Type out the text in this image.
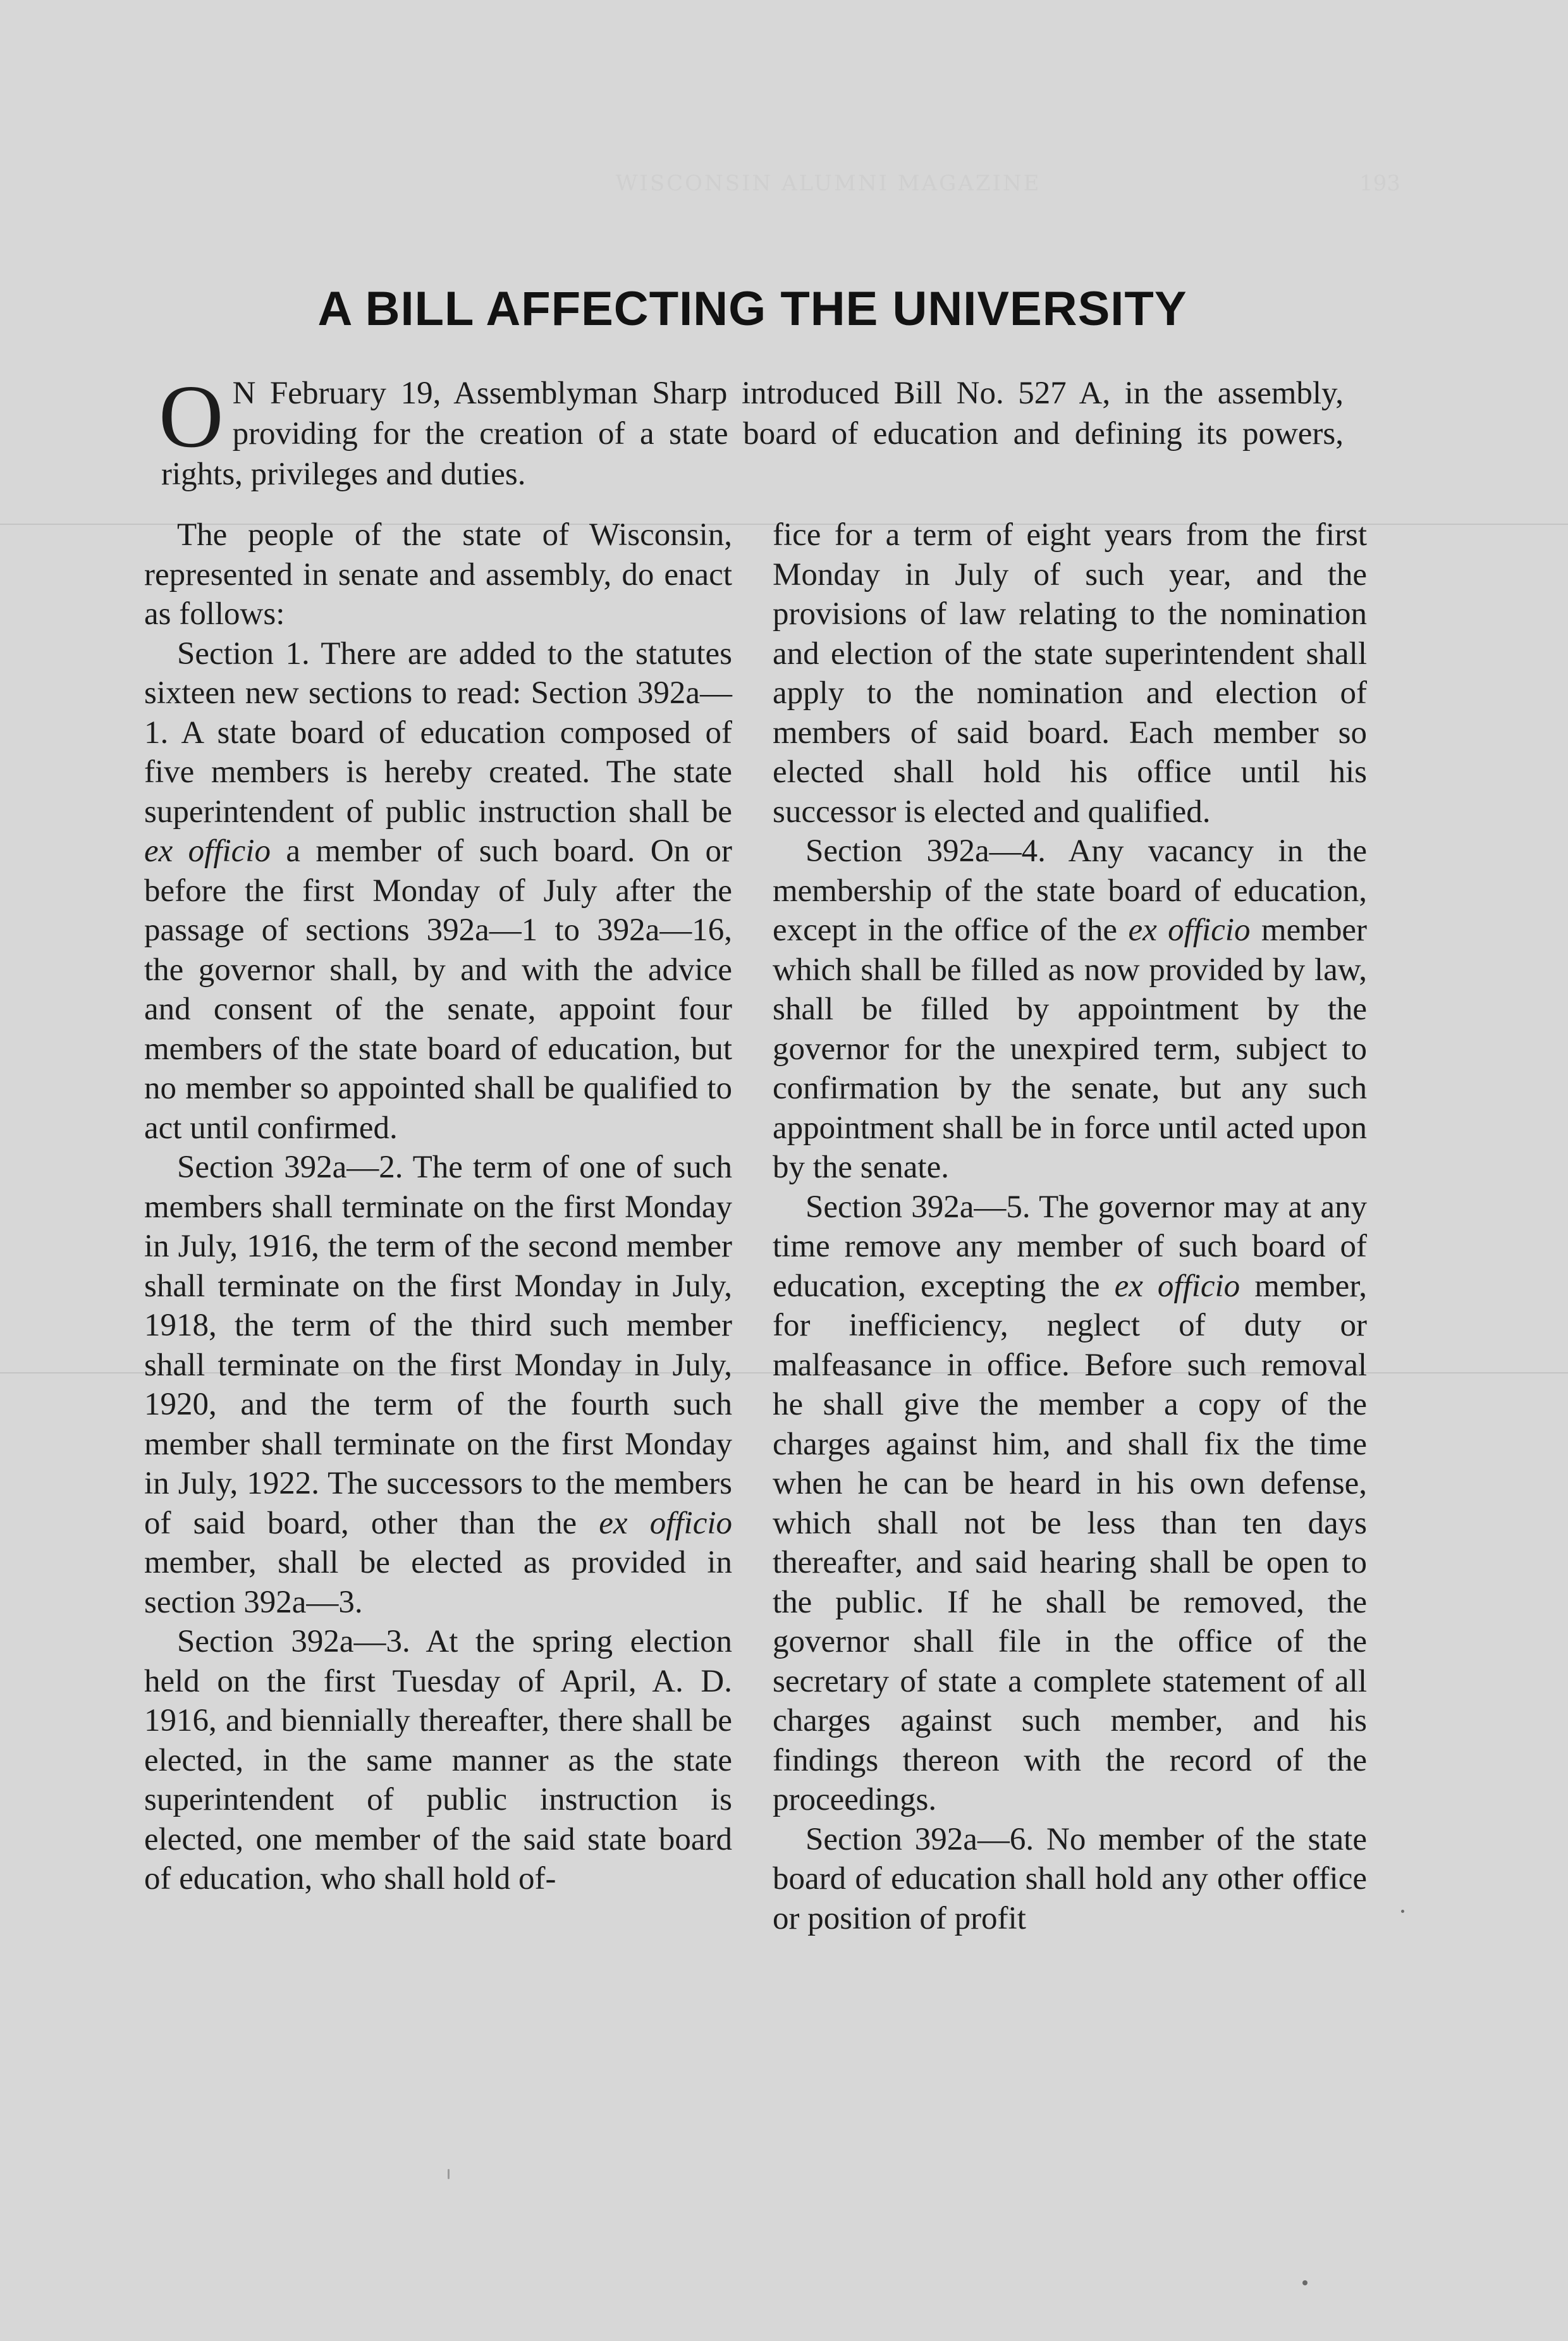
WISCONSIN ALUMNI MAGAZINE	193
A BILL AFFECTING THE UNIVERSITY

O N February 19, Assemblyman Sharp introduced Bill No. 527 A, in the assembly, providing for the creation of a state board of education and defining its powers, rights, privileges and duties.

The people of the state of Wisconsin, represented in senate and assembly, do enact as follows:

Section 1. There are added to the statutes sixteen new sections to read: Section 392a—1. A state board of education composed of five members is hereby created. The state superintendent of public instruction shall be ex officio a member of such board. On or before the first Monday of July after the passage of sections 392a—1 to 392a—16, the governor shall, by and with the advice and consent of the senate, appoint four members of the state board of education, but no member so appointed shall be qualified to act until confirmed.

Section 392a—2. The term of one of such members shall terminate on the first Monday in July, 1916, the term of the second member shall terminate on the first Monday in July, 1918, the term of the third such member shall terminate on the first Monday in July, 1920, and the term of the fourth such member shall terminate on the first Monday in July, 1922. The successors to the members of said board, other than the ex officio member, shall be elected as provided in section 392a—3.

Section 392a—3. At the spring election held on the first Tuesday of April, A. D. 1916, and biennially thereafter, there shall be elected, in the same manner as the state superintendent of public instruction is elected, one member of the said state board of education, who shall hold of-

fice for a term of eight years from the first Monday in July of such year, and the provisions of law relating to the nomination and election of the state superintendent shall apply to the nomination and election of members of said board. Each member so elected shall hold his office until his successor is elected and qualified.

Section 392a—4. Any vacancy in the membership of the state board of education, except in the office of the ex officio member which shall be filled as now provided by law, shall be filled by appointment by the governor for the unexpired term, subject to confirmation by the senate, but any such appointment shall be in force until acted upon by the senate.

Section 392a—5. The governor may at any time remove any member of such board of education, excepting the ex officio member, for inefficiency, neglect of duty or malfeasance in office. Before such removal he shall give the member a copy of the charges against him, and shall fix the time when he can be heard in his own defense, which shall not be less than ten days thereafter, and said hearing shall be open to the public. If he shall be removed, the governor shall file in the office of the secretary of state a complete statement of all charges against such member, and his findings thereon with the record of the proceedings.

Section 392a—6. No member of the state board of education shall hold any other office or position of profit
